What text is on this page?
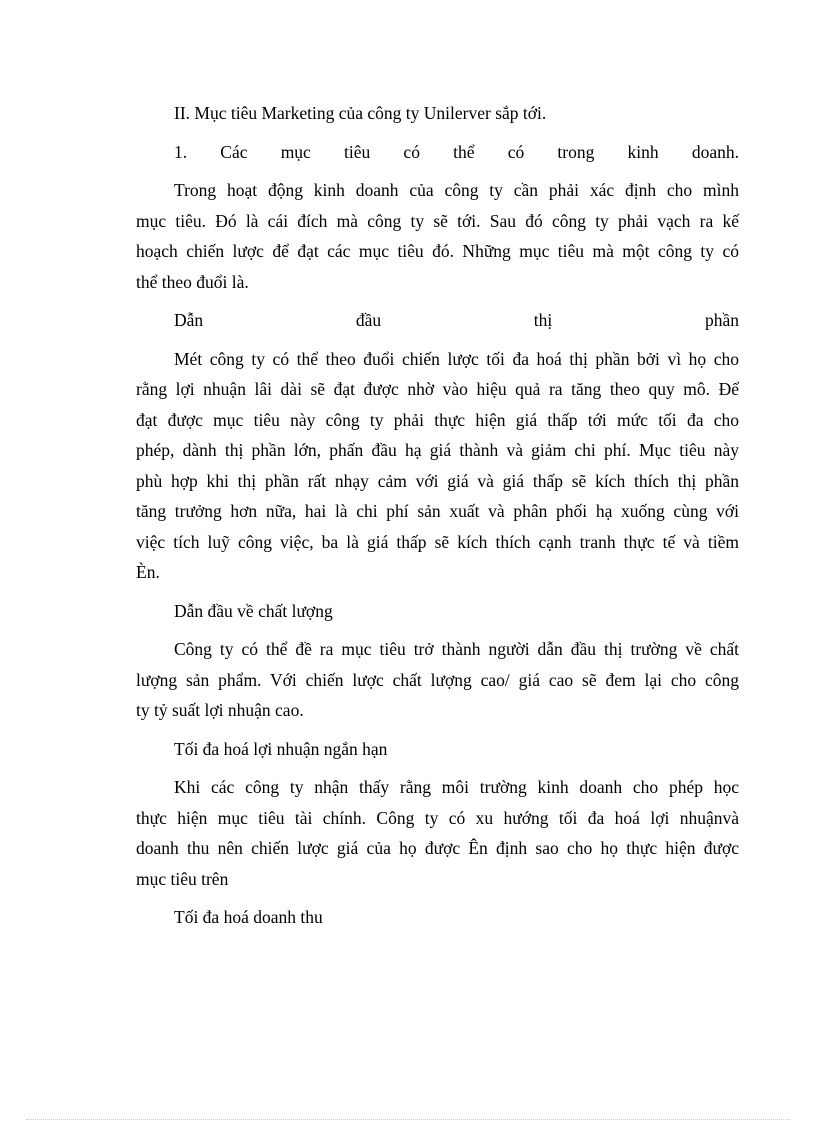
II. Mục tiêu Marketing của công ty Unilerver sắp tới.
1. Các mục tiêu có thể có trong kinh doanh.
Trong hoạt động kinh doanh của công ty cần phải xác định cho mình
mục tiêu. Đó là cái đích mà công ty sẽ tới. Sau đó công ty phải vạch ra kế
hoạch chiến lược để đạt các mục tiêu đó. Những mục tiêu mà một công ty có
thể theo đuổi là.
Dẫn	đầu	thị	phần
Mét công ty có thể theo đuổi chiến lược tối đa hoá thị phần bởi vì họ cho
rằng lợi nhuận lâi dài sẽ đạt được nhờ vào hiệu quả ra tăng theo quy mô. Để
đạt được mục tiêu này công ty phải thực hiện giá thấp tới mức tối đa cho
phép, dành thị phần lớn, phấn đầu hạ giá thành và giảm chi phí. Mục tiêu này
phù hợp khi thị phần rất nhạy cảm với giá và giá thấp sẽ kích thích thị phần
tăng trưởng hơn nữa, hai là chi phí sản xuất và phân phối hạ xuống cùng với
việc tích luỹ công việc, ba là giá thấp sẽ kích thích cạnh tranh thực tế và tiềm
Èn.
Dẫn đầu về chất lượng
Công ty có thể đề ra mục tiêu trở thành người dẫn đầu thị trường về chất
lượng sản phẩm. Với chiến lược chất lượng cao/ giá cao sẽ đem lại cho công
ty tỷ suất lợi nhuận cao.
Tối đa hoá lợi nhuận ngắn hạn
Khi các công ty nhận thấy rằng môi trường kinh doanh cho phép học
thực hiện mục tiêu tài chính. Công ty có xu hướng tối đa hoá lợi nhuậnvà
doanh thu nên chiến lược giá của họ được Ên định sao cho họ thực hiện được
mục tiêu trên
Tối đa hoá doanh thu
